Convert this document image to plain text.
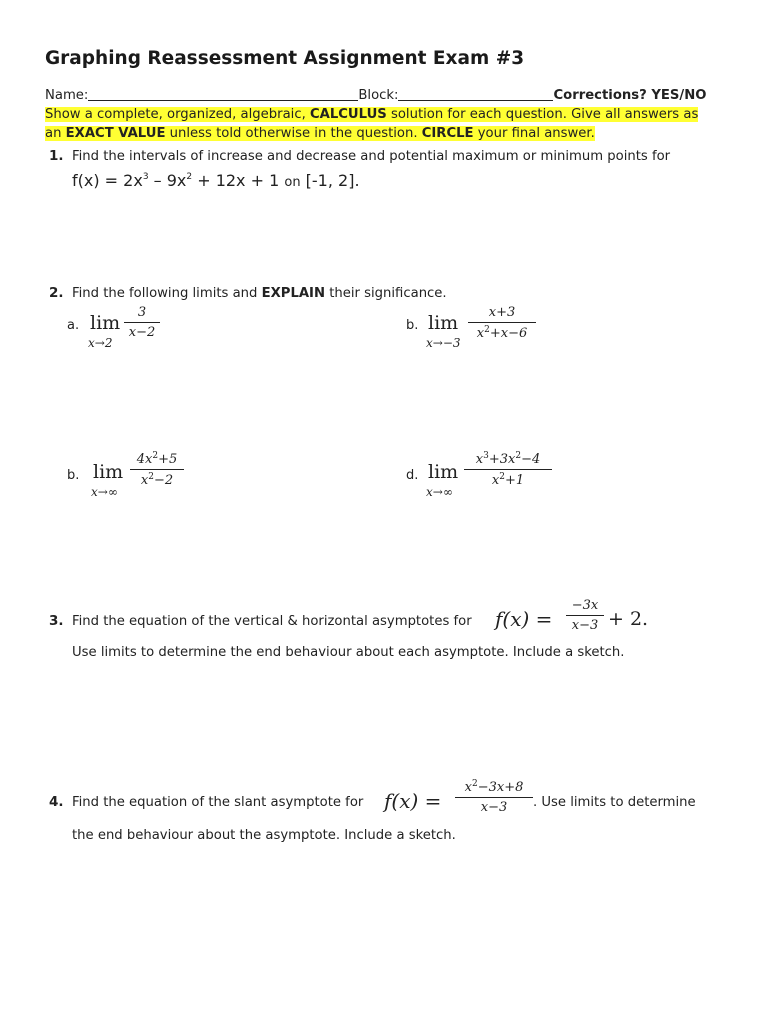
Graphing Reassessment Assignment Exam #3
Name:	Block:	Corrections? YES/NO
Show a complete, organized, algebraic, CALCULUS solution for each question. Give all answers as an EXACT VALUE unless told otherwise in the question. CIRCLE your final answer.
1. Find the intervals of increase and decrease and potential maximum or minimum points for
$f(x) = 2x^3 - 9x^2 + 12x + 1$ on [-1, 2].
2. Find the following limits and EXPLAIN their significance.
a. lim
x→2
3
x−2	b. lim
x→−3
x+3
$x^2+x-6$
b. lim
x→∞
$4x^2+5$
$x^2-2$	d. lim
x→∞
$x^3+3x^2-4$
$x^2+1$
3. Find the equation of the vertical & horizontal asymptotes for f(x) =
−3x
x−3 + 2.
Use limits to determine the end behaviour about each asymptote. Include a sketch.
4. Find the equation of the slant asymptote for f(x) =
$x^2-3x+8$
x−3	. Use limits to determine
the end behaviour about the asymptote. Include a sketch.
